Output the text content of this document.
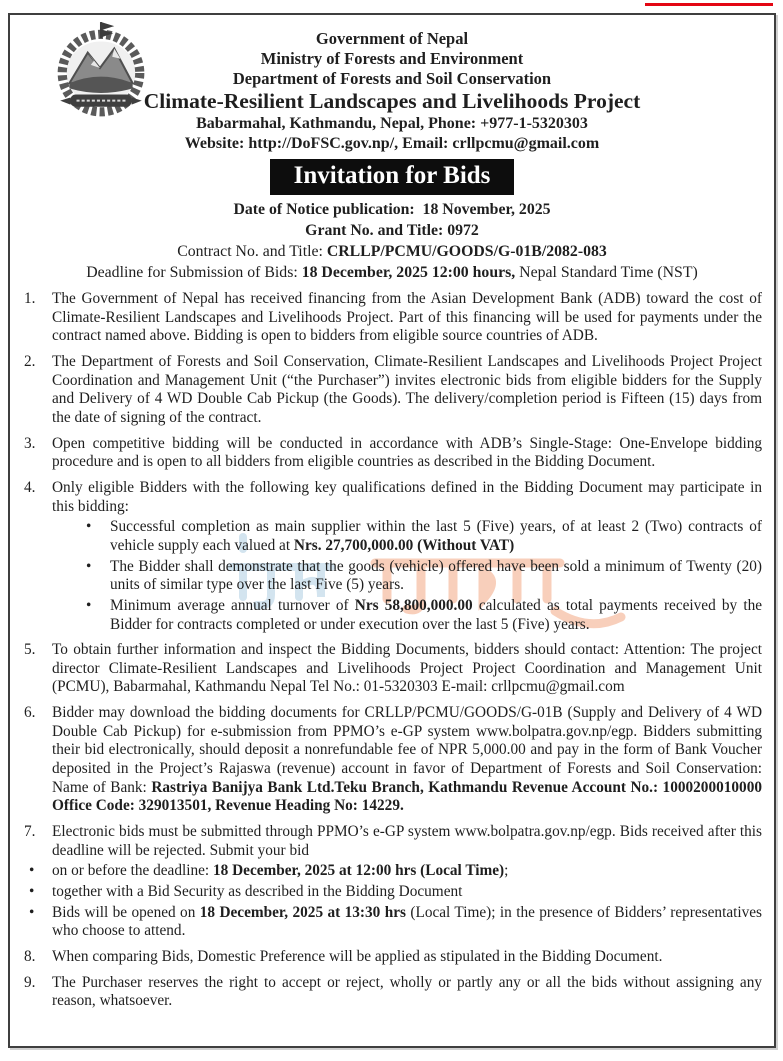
Government of Nepal
Ministry of Forests and Environment
Department of Forests and Soil Conservation
Climate-Resilient Landscapes and Livelihoods Project
Babarmahal, Kathmandu, Nepal, Phone: +977-1-5320303
Website: http://DoFSC.gov.np/, Email: crllpcmu@gmail.com
Invitation for Bids
Date of Notice publication:  18 November, 2025
Grant No. and Title: 0972
Contract No. and Title: CRLLP/PCMU/GOODS/G-01B/2082-083
Deadline for Submission of Bids: 18 December, 2025 12:00 hours, Nepal Standard Time (NST)
1.	The Government of Nepal has received financing from the Asian Development Bank (ADB) toward the cost of Climate-Resilient Landscapes and Livelihoods Project. Part of this financing will be used for payments under the contract named above. Bidding is open to bidders from eligible source countries of ADB.
2.	The Department of Forests and Soil Conservation, Climate-Resilient Landscapes and Livelihoods Project Project Coordination and Management Unit (“the Purchaser”) invites electronic bids from eligible bidders for the Supply and Delivery of 4 WD Double Cab Pickup (the Goods). The delivery/completion period is Fifteen (15) days from the date of signing of the contract.
3.	Open competitive bidding will be conducted in accordance with ADB’s Single-Stage: One-Envelope bidding procedure and is open to all bidders from eligible countries as described in the Bidding Document.
4.	Only eligible Bidders with the following key qualifications defined in the Bidding Document may participate in this bidding:
•	Successful completion as main supplier within the last 5 (Five) years, of at least 2 (Two) contracts of vehicle supply each valued at Nrs. 27,700,000.00 (Without VAT)
•	The Bidder shall demonstrate that the goods (vehicle) offered have been sold a minimum of Twenty (20) units of similar type over the last Five (5) years.
•	Minimum average annual turnover of Nrs 58,800,000.00 calculated as total payments received by the Bidder for contracts completed or under execution over the last 5 (Five) years.
5.	To obtain further information and inspect the Bidding Documents, bidders should contact: Attention: The project director Climate-Resilient Landscapes and Livelihoods Project Project Coordination and Management Unit (PCMU), Babarmahal, Kathmandu Nepal Tel No.: 01-5320303 E-mail: crllpcmu@gmail.com
6.	Bidder may download the bidding documents for CRLLP/PCMU/GOODS/G-01B (Supply and Delivery of 4 WD Double Cab Pickup) for e-submission from PPMO’s e-GP system www.bolpatra.gov.np/egp. Bidders submitting their bid electronically, should deposit a nonrefundable fee of NPR 5,000.00 and pay in the form of Bank Voucher deposited in the Project’s Rajaswa (revenue) account in favor of Department of Forests and Soil Conservation: Name of Bank: Rastriya Banijya Bank Ltd.Teku Branch, Kathmandu Revenue Account No.: 1000200010000 Office Code: 329013501, Revenue Heading No: 14229.
7.	Electronic bids must be submitted through PPMO’s e-GP system www.bolpatra.gov.np/egp. Bids received after this deadline will be rejected. Submit your bid
•	on or before the deadline: 18 December, 2025 at 12:00 hrs (Local Time);
•	together with a Bid Security as described in the Bidding Document
•	Bids will be opened on 18 December, 2025 at 13:30 hrs (Local Time); in the presence of Bidders’ representatives who choose to attend.
8.	When comparing Bids, Domestic Preference will be applied as stipulated in the Bidding Document.
9.	The Purchaser reserves the right to accept or reject, wholly or partly any or all the bids without assigning any reason, whatsoever.
